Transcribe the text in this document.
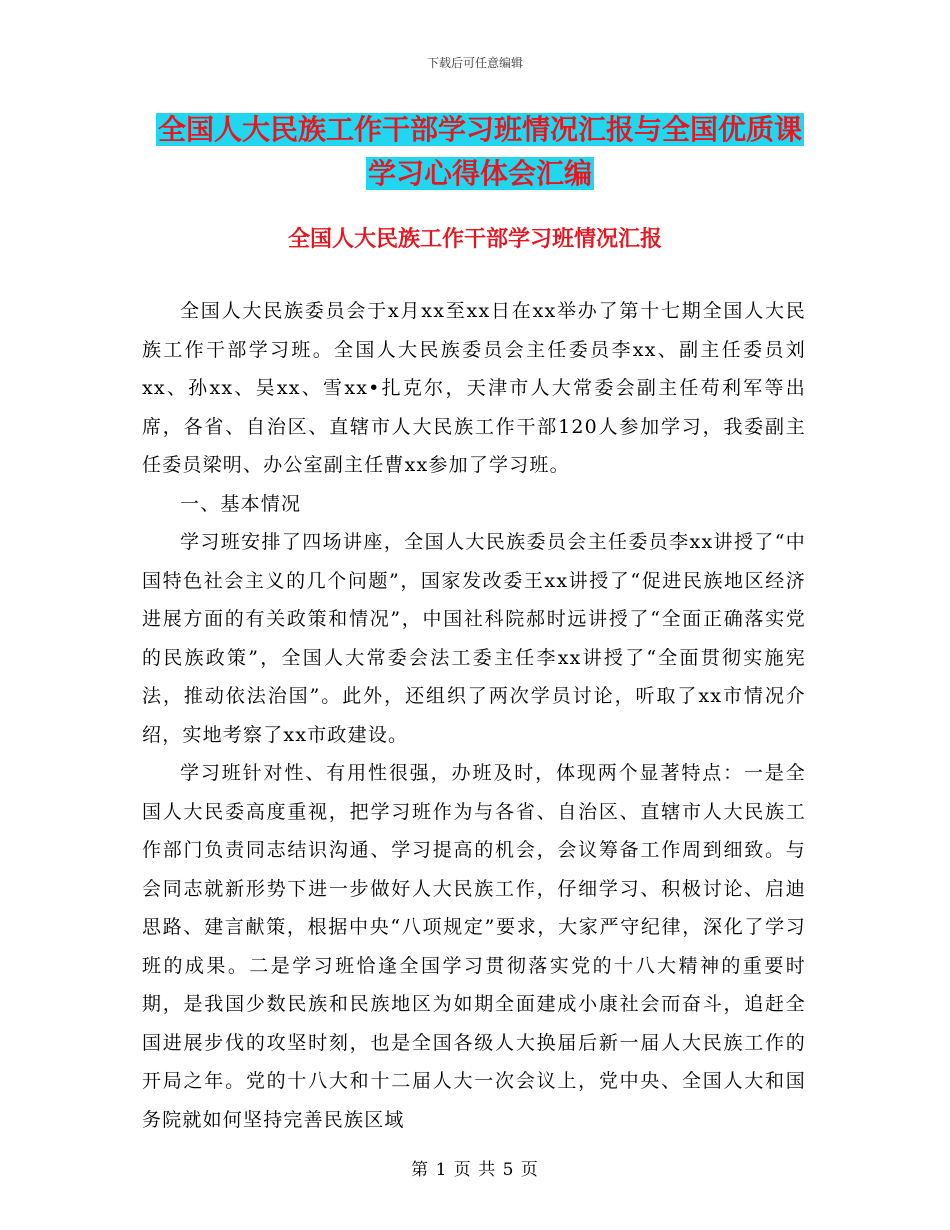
下载后可任意编辑
全国人大民族工作干部学习班情况汇报与全国优质课
学习心得体会汇编
全国人大民族工作干部学习班情况汇报

全国人大民族委员会于x月xx至xx日在xx举办了第十七期全国人大民族工作干部学习班。全国人大民族委员会主任委员李xx、副主任委员刘xx、孙xx、吴xx、雪xx•扎克尔，天津市人大常委会副主任苟利军等出席，各省、自治区、直辖市人大民族工作干部120人参加学习，我委副主任委员梁明、办公室副主任曹xx参加了学习班。

一、基本情况

学习班安排了四场讲座，全国人大民族委员会主任委员李xx讲授了“中国特色社会主义的几个问题”，国家发改委王xx讲授了“促进民族地区经济进展方面的有关政策和情况”，中国社科院郝时远讲授了“全面正确落实党的民族政策”，全国人大常委会法工委主任李xx讲授了“全面贯彻实施宪法，推动依法治国”。此外，还组织了两次学员讨论，听取了xx市情况介绍，实地考察了xx市政建设。

学习班针对性、有用性很强，办班及时，体现两个显著特点：一是全国人大民委高度重视，把学习班作为与各省、自治区、直辖市人大民族工作部门负责同志结识沟通、学习提高的机会，会议筹备工作周到细致。与会同志就新形势下进一步做好人大民族工作，仔细学习、积极讨论、启迪思路、建言献策，根据中央“八项规定”要求，大家严守纪律，深化了学习班的成果。二是学习班恰逢全国学习贯彻落实党的十八大精神的重要时期，是我国少数民族和民族地区为如期全面建成小康社会而奋斗，追赶全国进展步伐的攻坚时刻，也是全国各级人大换届后新一届人大民族工作的开局之年。党的十八大和十二届人大一次会议上，党中央、全国人大和国务院就如何坚持完善民族区域

第 1 页 共 5 页
